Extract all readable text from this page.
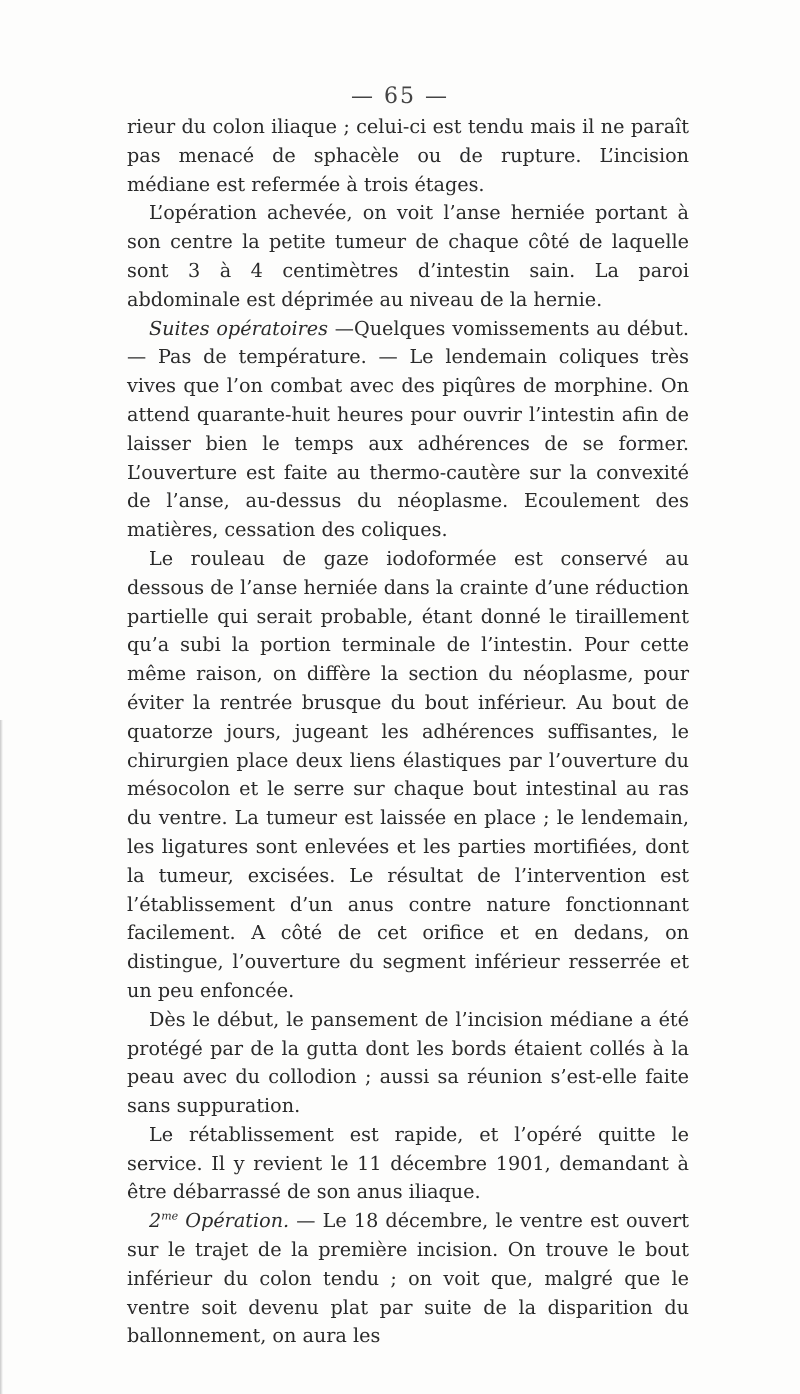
— 65 —

rieur du colon iliaque ; celui-ci est tendu mais il ne paraît pas menacé de sphacèle ou de rupture. L’incision médiane est refermée à trois étages.

L’opération achevée, on voit l’anse herniée portant à son centre la petite tumeur de chaque côté de laquelle sont 3 à 4 centimètres d’intestin sain. La paroi abdominale est déprimée au niveau de la hernie.

Suites opératoires —Quelques vomissements au début. — Pas de température. — Le lendemain coliques très vives que l’on combat avec des piqûres de morphine. On attend quarante-huit heures pour ouvrir l’intestin afin de laisser bien le temps aux adhérences de se former. L’ouverture est faite au thermo-cautère sur la convexité de l’anse, au-dessus du néoplasme. Ecoulement des matières, cessation des coliques.

Le rouleau de gaze iodoformée est conservé au dessous de l’anse herniée dans la crainte d’une réduction partielle qui serait probable, étant donné le tiraillement qu’a subi la portion terminale de l’intestin. Pour cette même raison, on diffère la section du néoplasme, pour éviter la rentrée brusque du bout inférieur. Au bout de quatorze jours, jugeant les adhérences suffisantes, le chirurgien place deux liens élastiques par l’ouverture du mésocolon et le serre sur chaque bout intestinal au ras du ventre. La tumeur est laissée en place ; le lendemain, les ligatures sont enlevées et les parties mortifiées, dont la tumeur, excisées. Le résultat de l’intervention est l’établissement d’un anus contre nature fonctionnant facilement. A côté de cet orifice et en dedans, on distingue, l’ouverture du segment inférieur resserrée et un peu enfoncée.

Dès le début, le pansement de l’incision médiane a été protégé par de la gutta dont les bords étaient collés à la peau avec du collodion ; aussi sa réunion s’est-elle faite sans suppuration.

Le rétablissement est rapide, et l’opéré quitte le service. Il y revient le 11 décembre 1901, demandant à être débarrassé de son anus iliaque.

$2^{me}$ Opération. — Le 18 décembre, le ventre est ouvert sur le trajet de la première incision. On trouve le bout inférieur du colon tendu ; on voit que, malgré que le ventre soit devenu plat par suite de la disparition du ballonnement, on aura les
